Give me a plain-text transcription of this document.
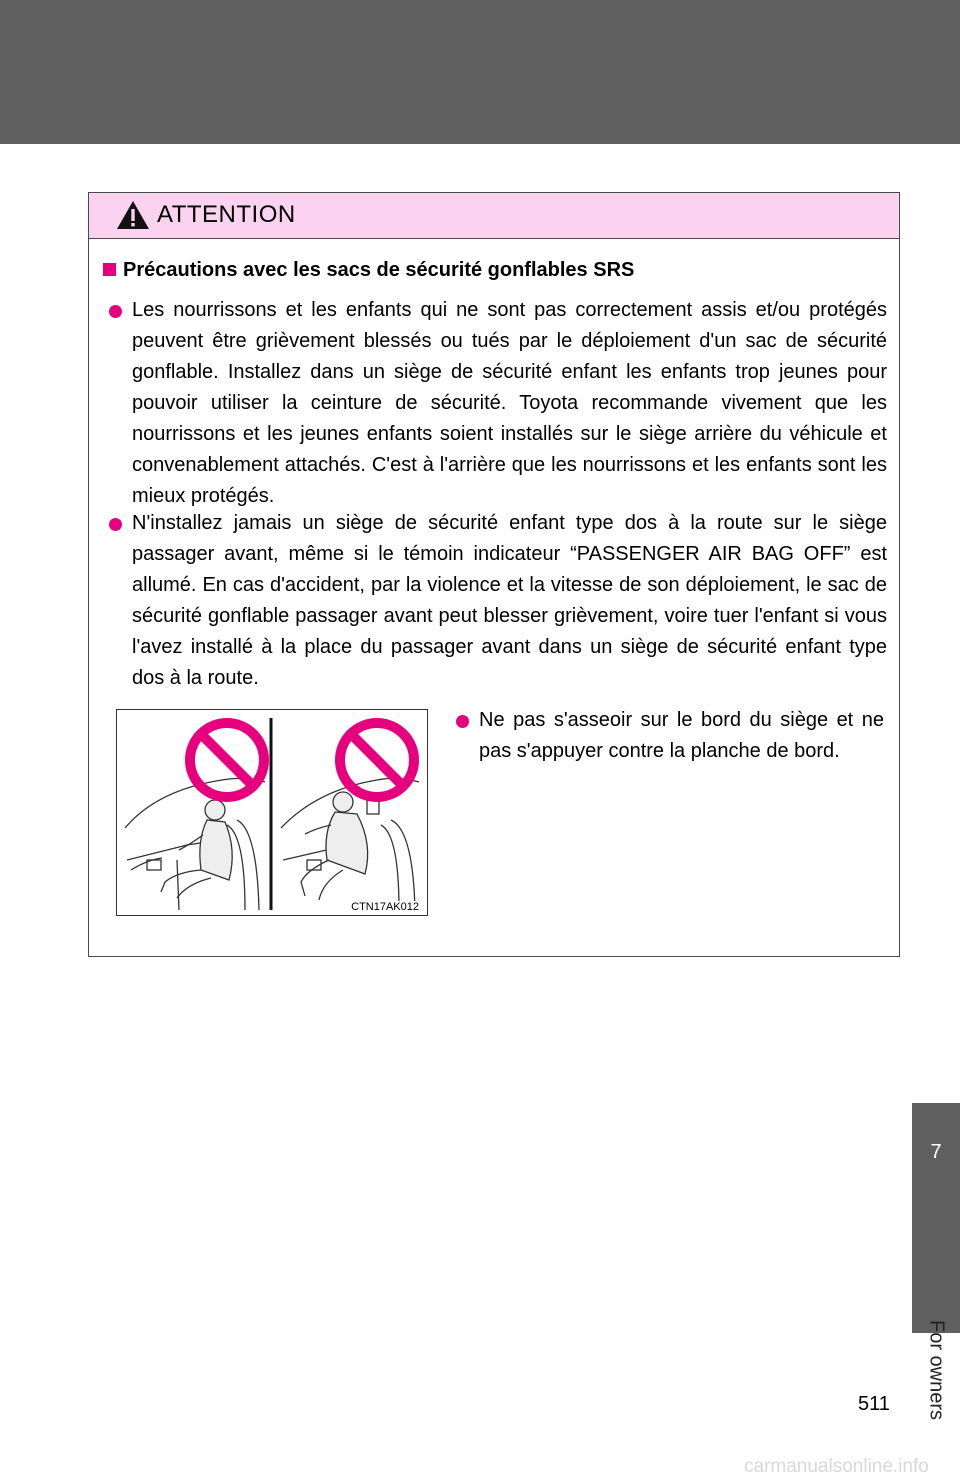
ATTENTION
Précautions avec les sacs de sécurité gonflables SRS
Les nourrissons et les enfants qui ne sont pas correctement assis et/ou protégés peuvent être grièvement blessés ou tués par le déploiement d'un sac de sécurité gonflable. Installez dans un siège de sécurité enfant les enfants trop jeunes pour pouvoir utiliser la ceinture de sécurité. Toyota recommande vivement que les nourrissons et les jeunes enfants soient installés sur le siège arrière du véhicule et convenablement attachés. C'est à l'arrière que les nourrissons et les enfants sont les mieux protégés.
N'installez jamais un siège de sécurité enfant type dos à la route sur le siège passager avant, même si le témoin indicateur “PASSENGER AIR BAG OFF” est allumé. En cas d'accident, par la violence et la vitesse de son déploiement, le sac de sécurité gonflable passager avant peut blesser grièvement, voire tuer l'enfant si vous l'avez installé à la place du passager avant dans un siège de sécurité enfant type dos à la route.
CTN17AK012
Ne pas s'asseoir sur le bord du siège et ne pas s'appuyer contre la planche de bord.
7
For owners
511
carmanualsonline.info
